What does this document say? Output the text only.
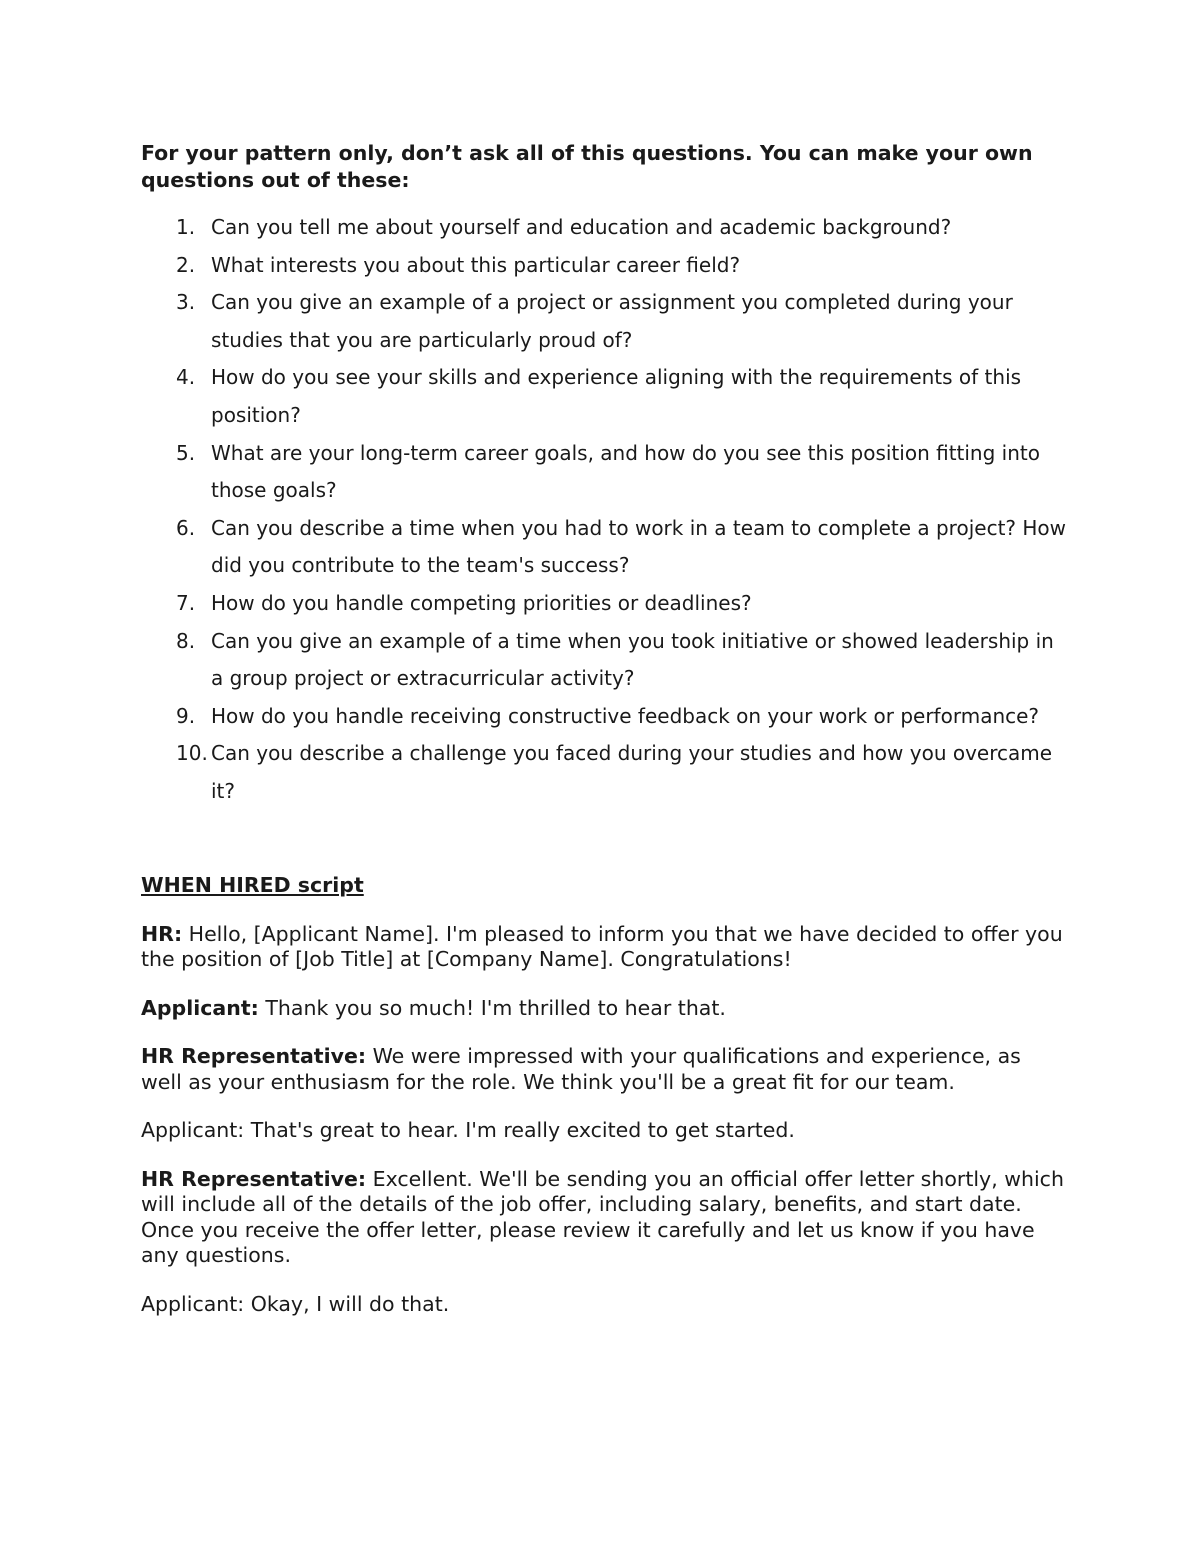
For your pattern only, don’t ask all of this questions. You can make your own questions out of these:

1. Can you tell me about yourself and education and academic background?
2. What interests you about this particular career field?
3. Can you give an example of a project or assignment you completed during your studies that you are particularly proud of?
4. How do you see your skills and experience aligning with the requirements of this position?
5. What are your long-term career goals, and how do you see this position fitting into those goals?
6. Can you describe a time when you had to work in a team to complete a project? How did you contribute to the team's success?
7. How do you handle competing priorities or deadlines?
8. Can you give an example of a time when you took initiative or showed leadership in a group project or extracurricular activity?
9. How do you handle receiving constructive feedback on your work or performance?
10. Can you describe a challenge you faced during your studies and how you overcame it?

WHEN HIRED script

HR: Hello, [Applicant Name]. I'm pleased to inform you that we have decided to offer you the position of [Job Title] at [Company Name]. Congratulations!

Applicant: Thank you so much! I'm thrilled to hear that.

HR Representative: We were impressed with your qualifications and experience, as well as your enthusiasm for the role. We think you'll be a great fit for our team.

Applicant: That's great to hear. I'm really excited to get started.

HR Representative: Excellent. We'll be sending you an official offer letter shortly, which will include all of the details of the job offer, including salary, benefits, and start date. Once you receive the offer letter, please review it carefully and let us know if you have any questions.

Applicant: Okay, I will do that.
